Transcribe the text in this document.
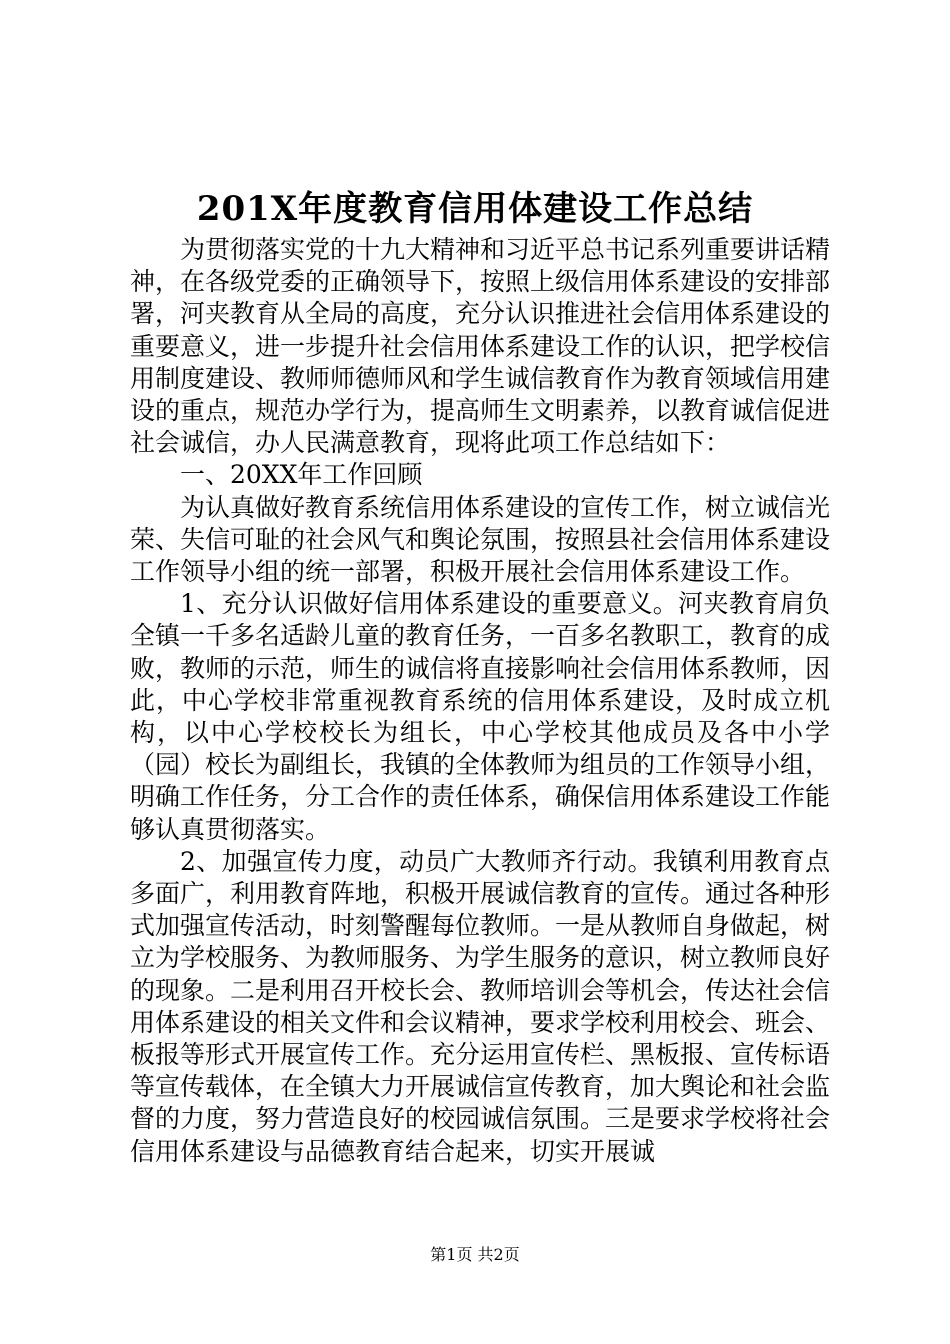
201X年度教育信用体建设工作总结

为贯彻落实党的十九大精神和习近平总书记系列重要讲话精神，在各级党委的正确领导下，按照上级信用体系建设的安排部署，河夹教育从全局的高度，充分认识推进社会信用体系建设的重要意义，进一步提升社会信用体系建设工作的认识，把学校信用制度建设、教师师德师风和学生诚信教育作为教育领域信用建设的重点，规范办学行为，提高师生文明素养，以教育诚信促进社会诚信，办人民满意教育，现将此项工作总结如下：

一、20XX年工作回顾

为认真做好教育系统信用体系建设的宣传工作，树立诚信光荣、失信可耻的社会风气和舆论氛围，按照县社会信用体系建设工作领导小组的统一部署，积极开展社会信用体系建设工作。

1、充分认识做好信用体系建设的重要意义。河夹教育肩负全镇一千多名适龄儿童的教育任务，一百多名教职工，教育的成败，教师的示范，师生的诚信将直接影响社会信用体系教师，因此，中心学校非常重视教育系统的信用体系建设，及时成立机构，以中心学校校长为组长，中心学校其他成员及各中小学（园）校长为副组长，我镇的全体教师为组员的工作领导小组，明确工作任务，分工合作的责任体系，确保信用体系建设工作能够认真贯彻落实。

2、加强宣传力度，动员广大教师齐行动。我镇利用教育点多面广，利用教育阵地，积极开展诚信教育的宣传。通过各种形式加强宣传活动，时刻警醒每位教师。一是从教师自身做起，树立为学校服务、为教师服务、为学生服务的意识，树立教师良好的现象。二是利用召开校长会、教师培训会等机会，传达社会信用体系建设的相关文件和会议精神，要求学校利用校会、班会、板报等形式开展宣传工作。充分运用宣传栏、黑板报、宣传标语等宣传载体，在全镇大力开展诚信宣传教育，加大舆论和社会监督的力度，努力营造良好的校园诚信氛围。三是要求学校将社会信用体系建设与品德教育结合起来，切实开展诚

第1页 共2页
